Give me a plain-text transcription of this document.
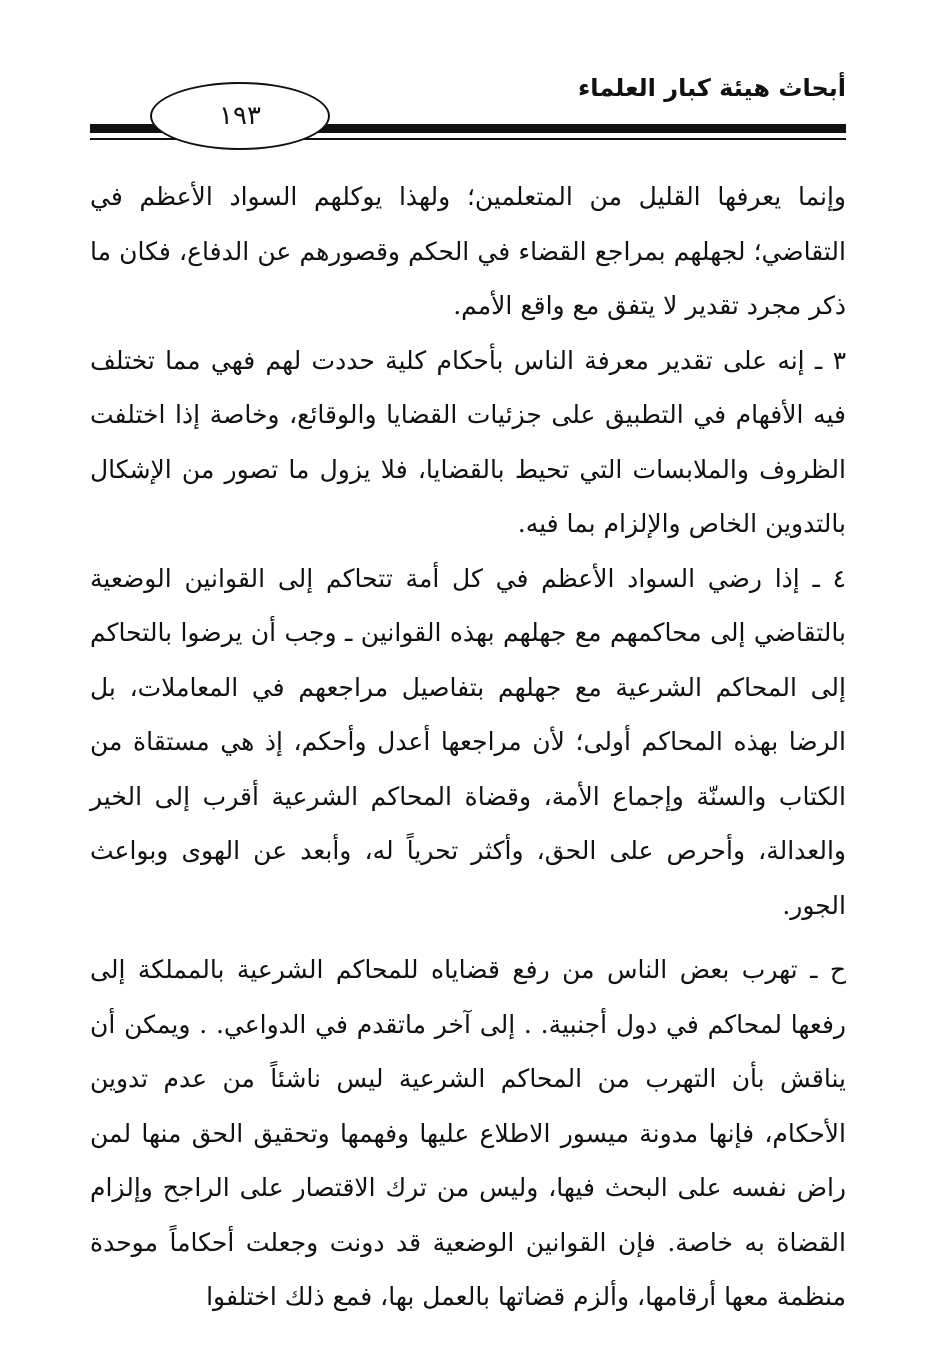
أبحاث هيئة كبار العلماء
١٩٣

وإنما يعرفها القليل من المتعلمين؛ ولهذا يوكلهم السواد الأعظم في التقاضي؛ لجهلهم بمراجع القضاء في الحكم وقصورهم عن الدفاع، فكان ما ذكر مجرد تقدير لا يتفق مع واقع الأمم.

٣ ـ إنه على تقدير معرفة الناس بأحكام كلية حددت لهم فهي مما تختلف فيه الأفهام في التطبيق على جزئيات القضايا والوقائع، وخاصة إذا اختلفت الظروف والملابسات التي تحيط بالقضايا، فلا يزول ما تصور من الإشكال بالتدوين الخاص والإلزام بما فيه.

٤ ـ إذا رضي السواد الأعظم في كل أمة تتحاكم إلى القوانين الوضعية بالتقاضي إلى محاكمهم مع جهلهم بهذه القوانين ـ وجب أن يرضوا بالتحاكم إلى المحاكم الشرعية مع جهلهم بتفاصيل مراجعهم في المعاملات، بل الرضا بهذه المحاكم أولى؛ لأن مراجعها أعدل وأحكم، إذ هي مستقاة من الكتاب والسنّة وإجماع الأمة، وقضاة المحاكم الشرعية أقرب إلى الخير والعدالة، وأحرص على الحق، وأكثر تحرياً له، وأبعد عن الهوى وبواعث الجور.

ح ـ تهرب بعض الناس من رفع قضاياه للمحاكم الشرعية بالمملكة إلى رفعها لمحاكم في دول أجنبية. . إلى آخر ماتقدم في الدواعي. . ويمكن أن يناقش بأن التهرب من المحاكم الشرعية ليس ناشئاً من عدم تدوين الأحكام، فإنها مدونة ميسور الاطلاع عليها وفهمها وتحقيق الحق منها لمن راض نفسه على البحث فيها، وليس من ترك الاقتصار على الراجح وإلزام القضاة به خاصة. فإن القوانين الوضعية قد دونت وجعلت أحكاماً موحدة منظمة معها أرقامها، وألزم قضاتها بالعمل بها، فمع ذلك اختلفوا
